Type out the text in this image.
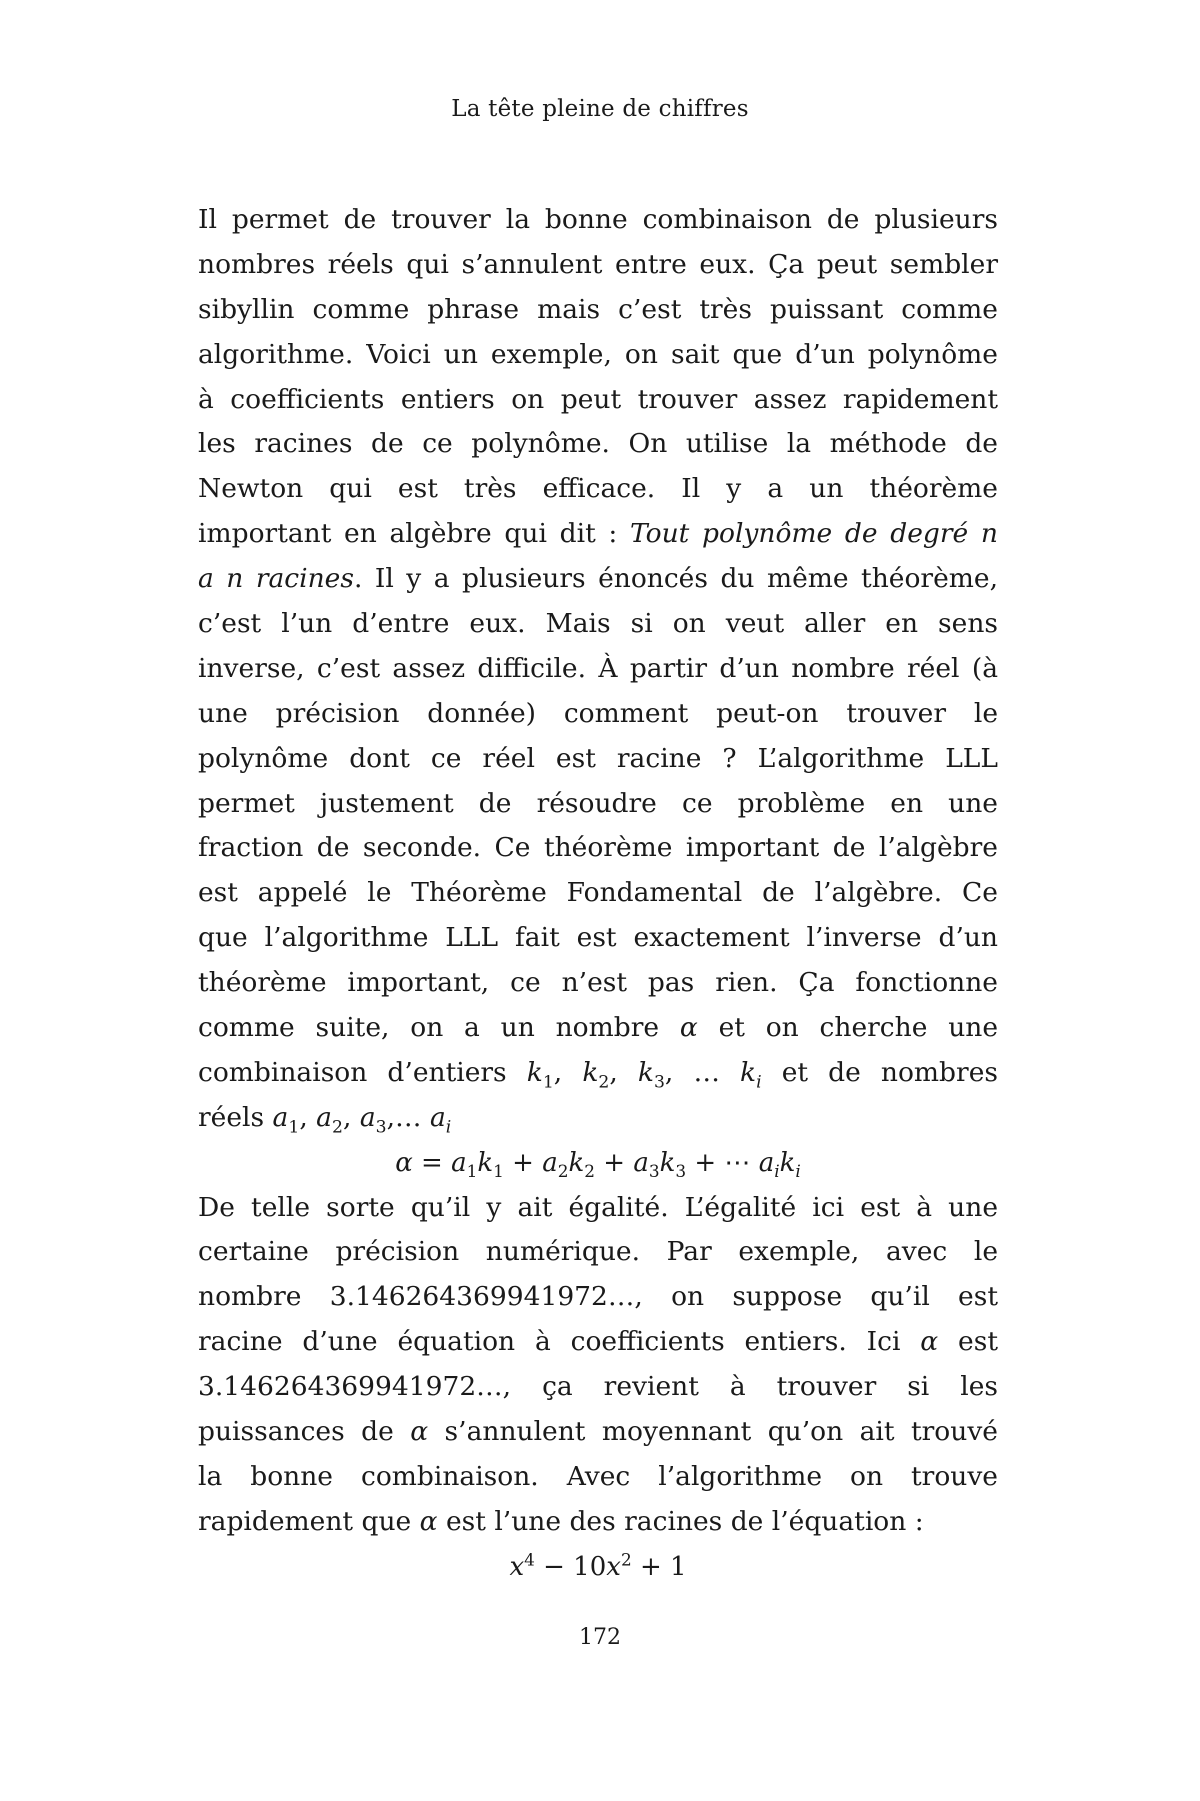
La tête pleine de chiffres
Il permet de trouver la bonne combinaison de plusieurs
nombres réels qui s’annulent entre eux. Ça peut sembler
sibyllin comme phrase mais c’est très puissant comme
algorithme. Voici un exemple, on sait que d’un polynôme
à coefficients entiers on peut trouver assez rapidement
les racines de ce polynôme. On utilise la méthode de
Newton qui est très efficace. Il y a un théorème
important en algèbre qui dit : Tout polynôme de degré n
a n racines. Il y a plusieurs énoncés du même théorème,
c’est l’un d’entre eux. Mais si on veut aller en sens
inverse, c’est assez difficile. À partir d’un nombre réel (à
une précision donnée) comment peut-on trouver le
polynôme dont ce réel est racine ? L’algorithme LLL
permet justement de résoudre ce problème en une
fraction de seconde. Ce théorème important de l’algèbre
est appelé le Théorème Fondamental de l’algèbre. Ce
que l’algorithme LLL fait est exactement l’inverse d’un
théorème important, ce n’est pas rien. Ça fonctionne
comme suite, on a un nombre α et on cherche une
combinaison d’entiers $k_1$, $k_2$, $k_3$, … $k_i$ et de nombres
réels $a_1$, $a_2$, $a_3,\dots$ $a_i$
$\alpha = a_1k_1 + a_2k_2 + a_3k_3$ + ⋯ $a_ik_i$
De telle sorte qu’il y ait égalité. L’égalité ici est à une
certaine précision numérique. Par exemple, avec le
nombre 3.146264369941972…, on suppose qu’il est
racine d’une équation à coefficients entiers. Ici α est
3.146264369941972…, ça revient à trouver si les
puissances de α s’annulent moyennant qu’on ait trouvé
la bonne combinaison. Avec l’algorithme on trouve
rapidement que α est l’une des racines de l’équation :
$x^4 - 10x^2 + 1$
172
